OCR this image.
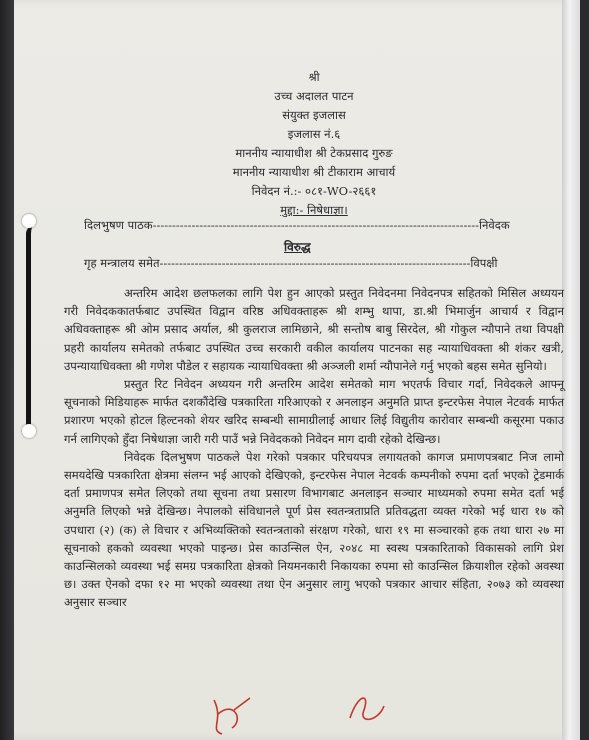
श्री
उच्च अदालत पाटन
संयुक्त इजलास
इजलास नं.६
माननीय न्यायाधीश श्री टेकप्रसाद गुरुङ
माननीय न्यायाधीश श्री टीकाराम आचार्य
निवेदन नं.:- ०८१-WO-२६६१
मुद्दा:- निषेधाज्ञा।
दिलभुषण पाठक------------------------------------------------------------------------------------निवेदक
विरुद्ध
गृह मन्त्रालय समेत--------------------------------------------------------------------------------विपक्षी

अन्तरिम आदेश छलफलका लागि पेश हुन आएको प्रस्तुत निवेदनमा निवेदनपत्र सहितको मिसिल अध्ययन गरी निवेदककातर्फबाट उपस्थित विद्वान वरिष्ठ अधिवक्ताहरू श्री शम्भु थापा, डा.श्री भिमार्जुन आचार्य र विद्वान अधिवक्ताहरू श्री ओम प्रसाद अर्याल, श्री कुलराज लामिछाने, श्री सन्तोष बाबु सिरदेल, श्री गोकुल न्यौपाने तथा विपक्षी प्रहरी कार्यालय समेतको तर्फबाट उपस्थित उच्च सरकारी वकील कार्यालय पाटनका सह न्यायाधिवक्ता श्री शंकर खत्री, उपन्यायाधिवक्ता श्री गणेश पौडेल र सहायक न्यायाधिवक्ता श्री अञ्जली शर्मा न्यौपानेले गर्नु भएको बहस समेत सुनियो।

प्रस्तुत रिट निवेदन अध्ययन गरी अन्तरिम आदेश समेतको माग भएतर्फ विचार गर्दा, निवेदकले आफ्नू सूचनाको मिडियाहरू मार्फत दशकौंदेखि पत्रकारिता गरिआएको र अनलाइन अनुमति प्राप्त इन्टरफेस नेपाल नेटवर्क मार्फत प्रशारण भएको होटल हिल्टनको शेयर खरिद सम्बन्धी सामाग्रीलाई आधार लिई विद्युतीय कारोवार सम्बन्धी कसूरमा पकाउ गर्न लागिएको हुँदा निषेधाज्ञा जारी गरी पाउँ भन्ने निवेदकको निवेदन माग दावी रहेको देखिन्छ।

निवेदक दिलभुषण पाठकले पेश गरेको पत्रकार परिचयपत्र लगायतको कागज प्रमाणपत्रबाट निज लामो समयदेखि पत्रकारिता क्षेत्रमा संलग्न भई आएको देखिएको, इन्टरफेस नेपाल नेटवर्क कम्पनीको रुपमा दर्ता भएको ट्रेडमार्क दर्ता प्रमाणपत्र समेत लिएको तथा सूचना तथा प्रसारण विभागबाट अनलाइन सञ्चार माध्यमको रुपमा समेत दर्ता भई अनुमति लिएको भन्ने देखिन्छ। नेपालको संविधानले पूर्ण प्रेस स्वतन्त्रताप्रति प्रतिवद्धता व्यक्त गरेको भई धारा १७ को उपधारा (२) (क) ले विचार र अभिव्यक्तिको स्वतन्त्रताको संरक्षण गरेको, धारा १९ मा सञ्चारको हक तथा धारा २७ मा सूचनाको हकको व्यवस्था भएको पाइन्छ। प्रेस काउन्सिल ऐन, २०४८ मा स्वस्थ पत्रकारिताको विकासको लागि प्रेश काउन्सिलको व्यवस्था भई समग्र पत्रकारिता क्षेत्रको नियमनकारी निकायका रुपमा सो काउन्सिल क्रियाशील रहेको अवस्था छ। उक्त ऐनको दफा १२ मा भएको व्यवस्था तथा ऐन अनुसार लागु भएको पत्रकार आचार संहिता, २०७३ को व्यवस्था अनुसार सञ्चार
